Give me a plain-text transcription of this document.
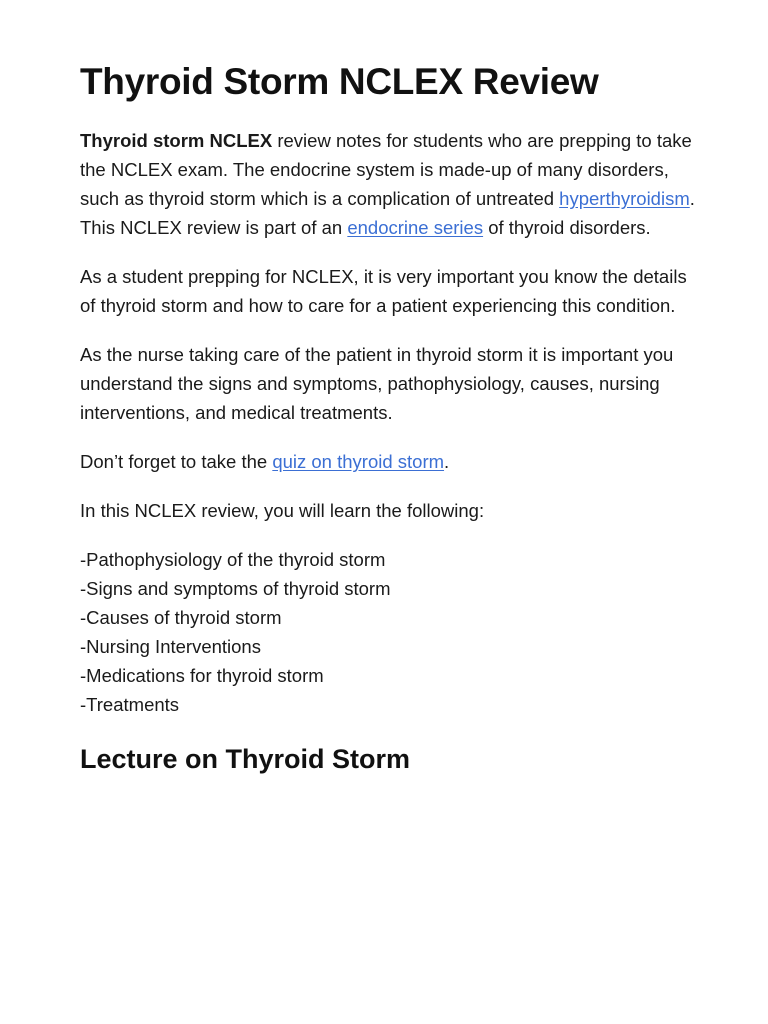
Thyroid Storm NCLEX Review

Thyroid storm NCLEX review notes for students who are prepping to take the NCLEX exam. The endocrine system is made-up of many disorders, such as thyroid storm which is a complication of untreated hyperthyroidism. This NCLEX review is part of an endocrine series of thyroid disorders.

As a student prepping for NCLEX, it is very important you know the details of thyroid storm and how to care for a patient experiencing this condition.

As the nurse taking care of the patient in thyroid storm it is important you understand the signs and symptoms, pathophysiology, causes, nursing interventions, and medical treatments.

Don’t forget to take the quiz on thyroid storm.

In this NCLEX review, you will learn the following:

-Pathophysiology of the thyroid storm
-Signs and symptoms of thyroid storm
-Causes of thyroid storm
-Nursing Interventions
-Medications for thyroid storm
-Treatments
Lecture on Thyroid Storm
